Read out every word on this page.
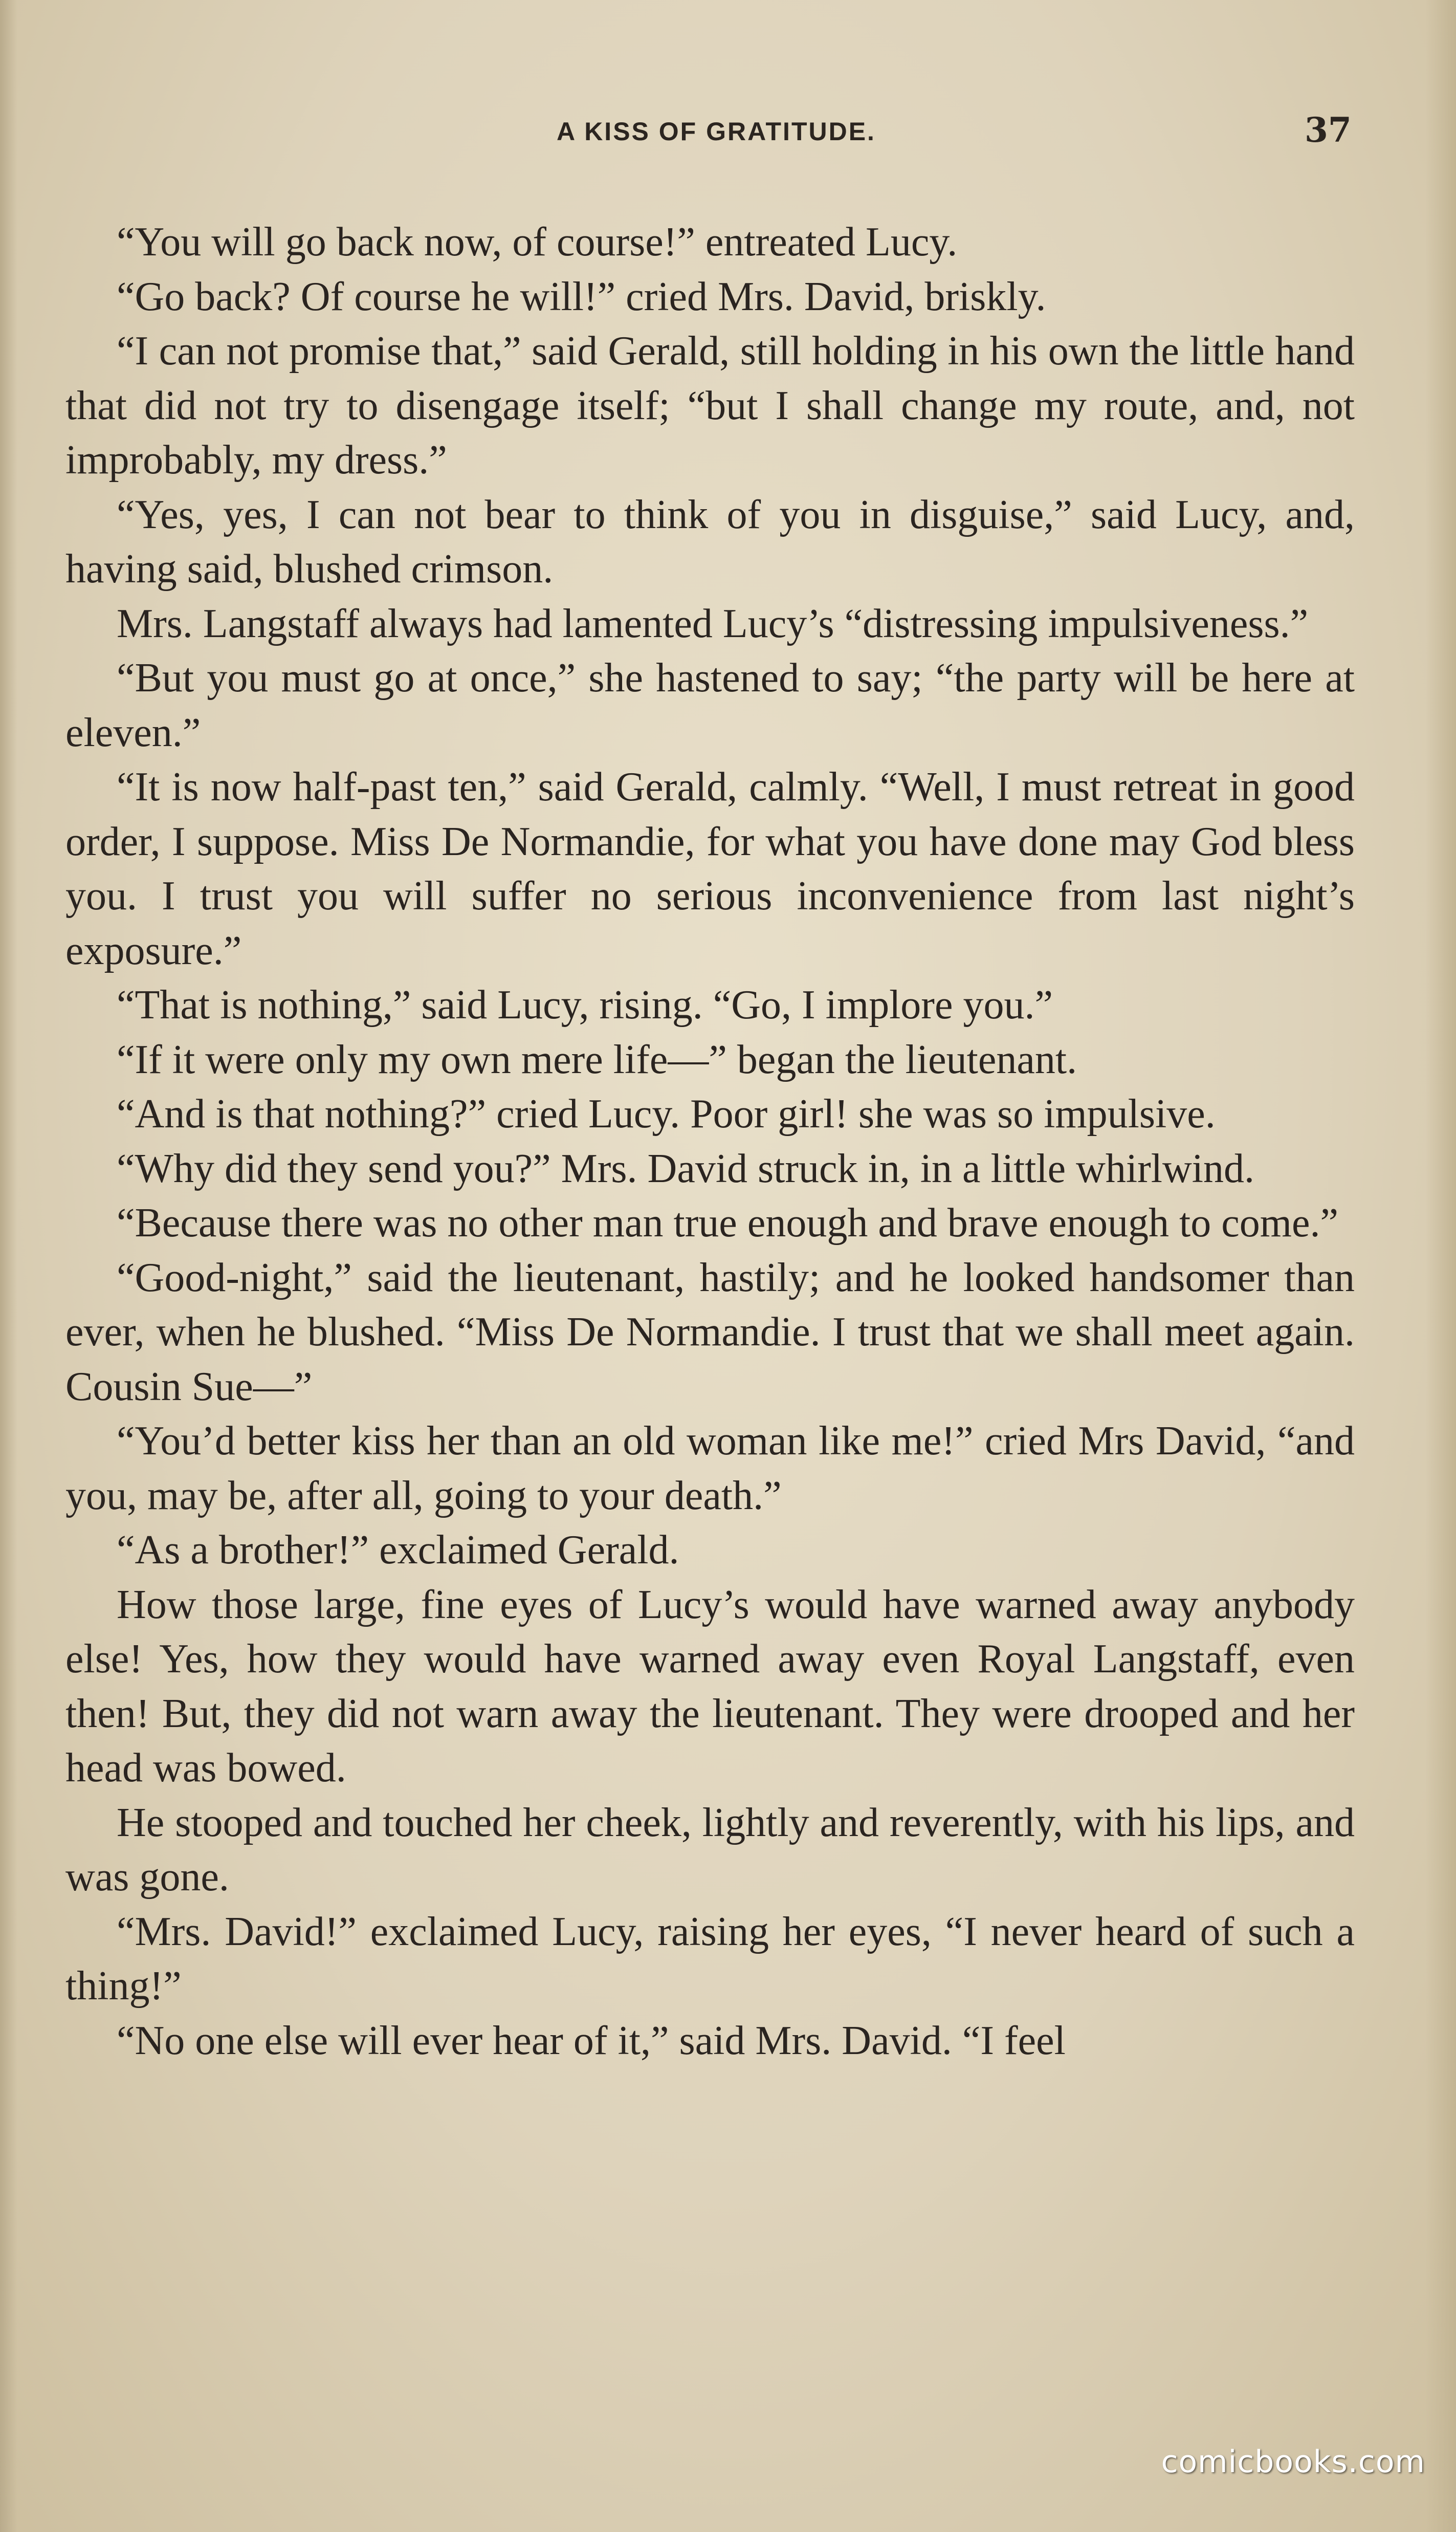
A KISS OF GRATITUDE.	37

“You will go back now, of course!” entreated Lucy.

“Go back? Of course he will!” cried Mrs. David, briskly.

“I can not promise that,” said Gerald, still holding in his own the little hand that did not try to disengage itself; “but I shall change my route, and, not improbably, my dress.”

“Yes, yes, I can not bear to think of you in disguise,” said Lucy, and, having said, blushed crimson.

Mrs. Langstaff always had lamented Lucy’s “distressing impulsiveness.”

“But you must go at once,” she hastened to say; “the party will be here at eleven.”

“It is now half-past ten,” said Gerald, calmly. “Well, I must retreat in good order, I suppose. Miss De Normandie, for what you have done may God bless you. I trust you will suffer no serious inconvenience from last night’s exposure.”

“That is nothing,” said Lucy, rising. “Go, I implore you.”

“If it were only my own mere life—” began the lieutenant.

“And is that nothing?” cried Lucy. Poor girl! she was so impulsive.

“Why did they send you?” Mrs. David struck in, in a little whirlwind.

“Because there was no other man true enough and brave enough to come.”

“Good-night,” said the lieutenant, hastily; and he looked handsomer than ever, when he blushed. “Miss De Normandie. I trust that we shall meet again. Cousin Sue—”

“You’d better kiss her than an old woman like me!” cried Mrs David, “and you, may be, after all, going to your death.”

“As a brother!” exclaimed Gerald.

How those large, fine eyes of Lucy’s would have warned away anybody else! Yes, how they would have warned away even Royal Langstaff, even then! But, they did not warn away the lieutenant. They were drooped and her head was bowed.

He stooped and touched her cheek, lightly and reverently, with his lips, and was gone.

“Mrs. David!” exclaimed Lucy, raising her eyes, “I never heard of such a thing!”

“No one else will ever hear of it,” said Mrs. David. “I feel

comicbooks.com
